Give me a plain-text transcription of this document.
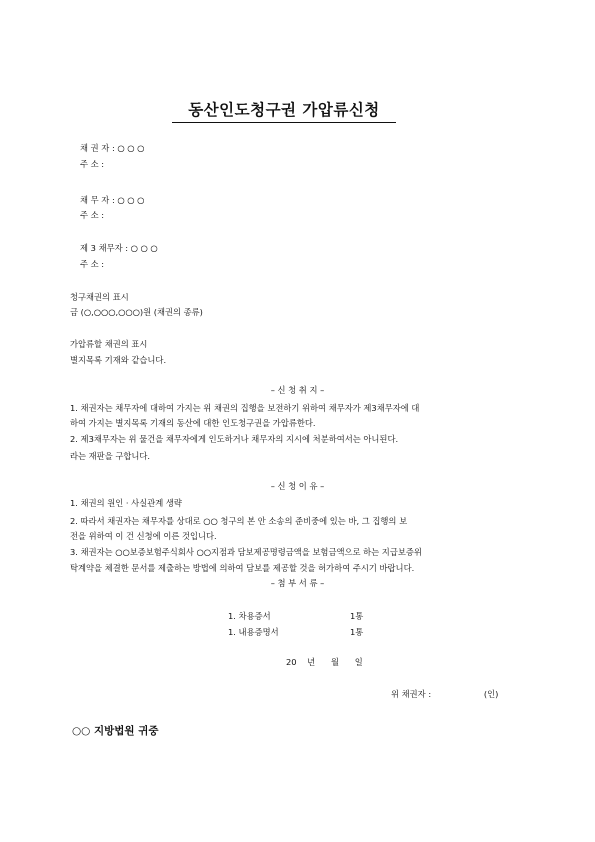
동산인도청구권 가압류신청
채 권 자 : ○ ○ ○
주 소 :
채 무 자 : ○ ○ ○
주 소 :
제 3 채무자 : ○ ○ ○
주 소 :
청구채권의 표시
금 (○,○○○,○○○)원 (채권의 종류)
가압류할 채권의 표시
별지목록 기재와 같습니다.
– 신 청 취 지 –
1. 채권자는 채무자에 대하여 가지는 위 채권의 집행을 보전하기 위하여 채무자가 제3채무자에 대
하여 가지는 별지목록 기재의 동산에 대한 인도청구권을 가압류한다.
2. 제3채무자는 위 물건을 채무자에게 인도하거나 채무자의 지시에 처분하여서는 아니된다.
라는 재판을 구합니다.
– 신 청 이 유 –
1. 채권의 원인 · 사실관계 생략
2. 따라서 채권자는 채무자를 상대로 ○○ 청구의 본 안 소송의 준비중에 있는 바, 그 집행의 보
전을 위하여 이 건 신청에 이른 것입니다.
3. 채권자는 ○○보증보험주식회사 ○○지점과 담보제공명령금액을 보험금액으로 하는 지급보증위
탁계약을 체결한 문서를 제출하는 방법에 의하여 담보를 제공할 것을 허가하여 주시기 바랍니다.
– 첨 부 서 류 –
1. 차용증서	1통
1. 내용증명서	1통
20    년      월      일
위 채권자 :                    (인)
○○ 지방법원 귀중
